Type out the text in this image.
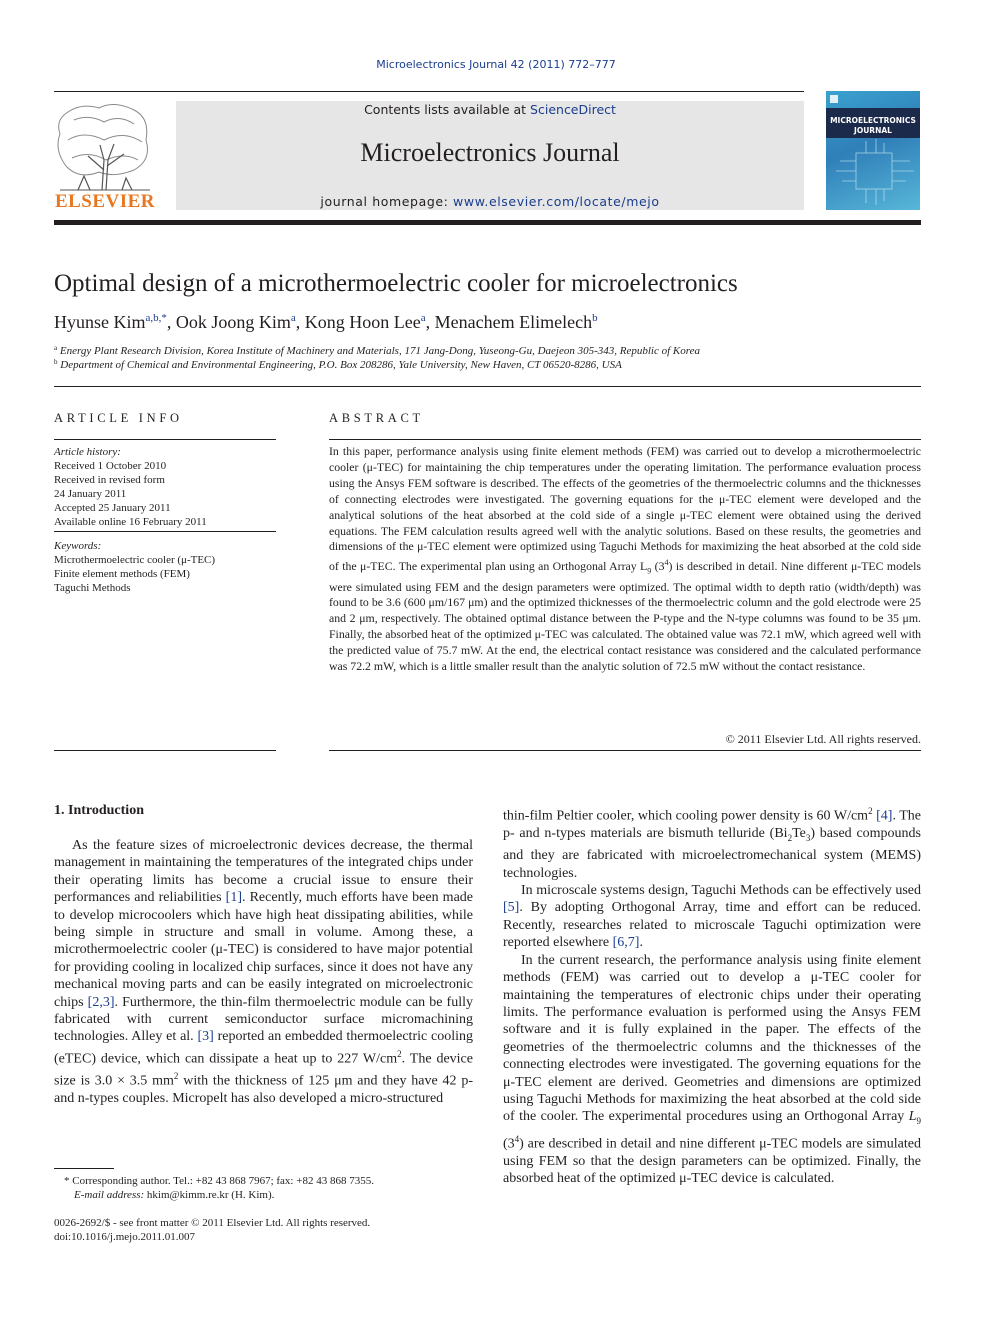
Microelectronics Journal 42 (2011) 772–777
ELSEVIER
Contents lists available at ScienceDirect
Microelectronics Journal
journal homepage: www.elsevier.com/locate/mejo
MICROELECTRONICS
JOURNAL
Optimal design of a microthermoelectric cooler for microelectronics
Hyunse Kim$^{a,b,*}$, Ook Joong Kim$^a$, Kong Hoon Lee$^a$, Menachem Elimelech$^b$
$^a$ Energy Plant Research Division, Korea Institute of Machinery and Materials, 171 Jang-Dong, Yuseong-Gu, Daejeon 305-343, Republic of Korea
$^b$ Department of Chemical and Environmental Engineering, P.O. Box 208286, Yale University, New Haven, CT 06520-8286, USA
ARTICLE INFO
Article history:
Received 1 October 2010
Received in revised form
24 January 2011
Accepted 25 January 2011
Available online 16 February 2011
Keywords:
Microthermoelectric cooler (μ-TEC)
Finite element methods (FEM)
Taguchi Methods
ABSTRACT
In this paper, performance analysis using finite element methods (FEM) was carried out to develop a microthermoelectric cooler (μ-TEC) for maintaining the chip temperatures under the operating limitation. The performance evaluation process using the Ansys FEM software is described. The effects of the geometries of the thermoelectric columns and the thicknesses of connecting electrodes were investigated. The governing equations for the μ-TEC element were developed and the analytical solutions of the heat absorbed at the cold side of a single μ-TEC element were obtained using the derived equations. The FEM calculation results agreed well with the analytic solutions. Based on these results, the geometries and dimensions of the μ-TEC element were optimized using Taguchi Methods for maximizing the heat absorbed at the cold side of the μ-TEC. The experimental plan using an Orthogonal Array $L_9$ $(3^4)$ is described in detail. Nine different μ-TEC models were simulated using FEM and the design parameters were optimized. The optimal width to depth ratio (width/depth) was found to be 3.6 (600 μm/167 μm) and the optimized thicknesses of the thermoelectric column and the gold electrode were 25 and 2 μm, respectively. The obtained optimal distance between the P-type and the N-type columns was found to be 35 μm. Finally, the absorbed heat of the optimized μ-TEC was calculated. The obtained value was 72.1 mW, which agreed well with the predicted value of 75.7 mW. At the end, the electrical contact resistance was considered and the calculated performance was 72.2 mW, which is a little smaller result than the analytic solution of 72.5 mW without the contact resistance.
© 2011 Elsevier Ltd. All rights reserved.
1. Introduction

As the feature sizes of microelectronic devices decrease, the thermal management in maintaining the temperatures of the integrated chips under their operating limits has become a crucial issue to ensure their performances and reliabilities [1]. Recently, much efforts have been made to develop microcoolers which have high heat dissipating abilities, while being simple in structure and small in volume. Among these, a microthermoelectric cooler (μ-TEC) is considered to have major potential for providing cooling in localized chip surfaces, since it does not have any mechanical moving parts and can be easily integrated on microelectronic chips [2,3]. Furthermore, the thin-film thermoelectric module can be fully fabricated with current semiconductor surface micromachining technologies. Alley et al. [3] reported an embedded thermoelectric cooling (eTEC) device, which can dissipate a heat up to 227 $W/cm^2$. The device size is 3.0 × 3.5 $mm^2$ with the thickness of 125 μm and they have 42 p- and n-types couples. Micropelt has also developed a micro-structured

thin-film Peltier cooler, which cooling power density is 60 $W/cm^2$ [4]. The p- and n-types materials are bismuth telluride $(Bi_2Te_3)$ based compounds and they are fabricated with microelectromechanical system (MEMS) technologies.

In microscale systems design, Taguchi Methods can be effectively used [5]. By adopting Orthogonal Array, time and effort can be reduced. Recently, researches related to microscale Taguchi optimization were reported elsewhere [6,7].

In the current research, the performance analysis using finite element methods (FEM) was carried out to develop a μ-TEC cooler for maintaining the temperatures of electronic chips under their operating limits. The performance evaluation is performed using the Ansys FEM software and it is fully explained in the paper. The effects of the geometries of the thermoelectric columns and the thicknesses of the connecting electrodes were investigated. The governing equations for the μ-TEC element are derived. Geometries and dimensions are optimized using Taguchi Methods for maximizing the heat absorbed at the cold side of the cooler. The experimental procedures using an Orthogonal Array $L_9$ $(3^4)$ are described in detail and nine different μ-TEC models are simulated using FEM so that the design parameters can be optimized. Finally, the absorbed heat of the optimized μ-TEC device is calculated.

* Corresponding author. Tel.: +82 43 868 7967; fax: +82 43 868 7355.
E-mail address: hkim@kimm.re.kr (H. Kim).
0026-2692/$ - see front matter © 2011 Elsevier Ltd. All rights reserved.
doi:10.1016/j.mejo.2011.01.007
